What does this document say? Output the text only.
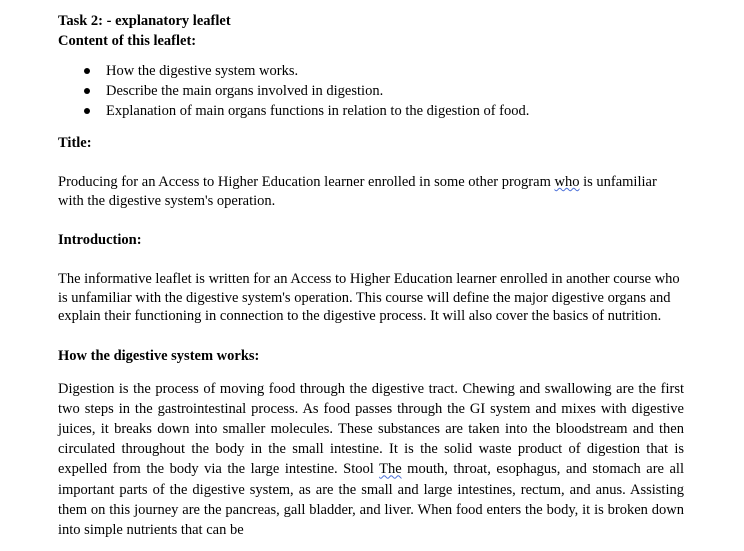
Task 2: - explanatory leaflet

Content of this leaflet:

How the digestive system works.
Describe the main organs involved in digestion.
Explanation of main organs functions in relation to the digestion of food.

Title:

Producing for an Access to Higher Education learner enrolled in some other program who is unfamiliar with the digestive system's operation.

Introduction:

The informative leaflet is written for an Access to Higher Education learner enrolled in another course who is unfamiliar with the digestive system's operation. This course will define the major digestive organs and explain their functioning in connection to the digestive process. It will also cover the basics of nutrition.

How the digestive system works:

Digestion is the process of moving food through the digestive tract. Chewing and swallowing are the first two steps in the gastrointestinal process. As food passes through the GI system and mixes with digestive juices, it breaks down into smaller molecules. These substances are taken into the bloodstream and then circulated throughout the body in the small intestine. It is the solid waste product of digestion that is expelled from the body via the large intestine. Stool The mouth, throat, esophagus, and stomach are all important parts of the digestive system, as are the small and large intestines, rectum, and anus. Assisting them on this journey are the pancreas, gall bladder, and liver. When food enters the body, it is broken down into simple nutrients that can be
